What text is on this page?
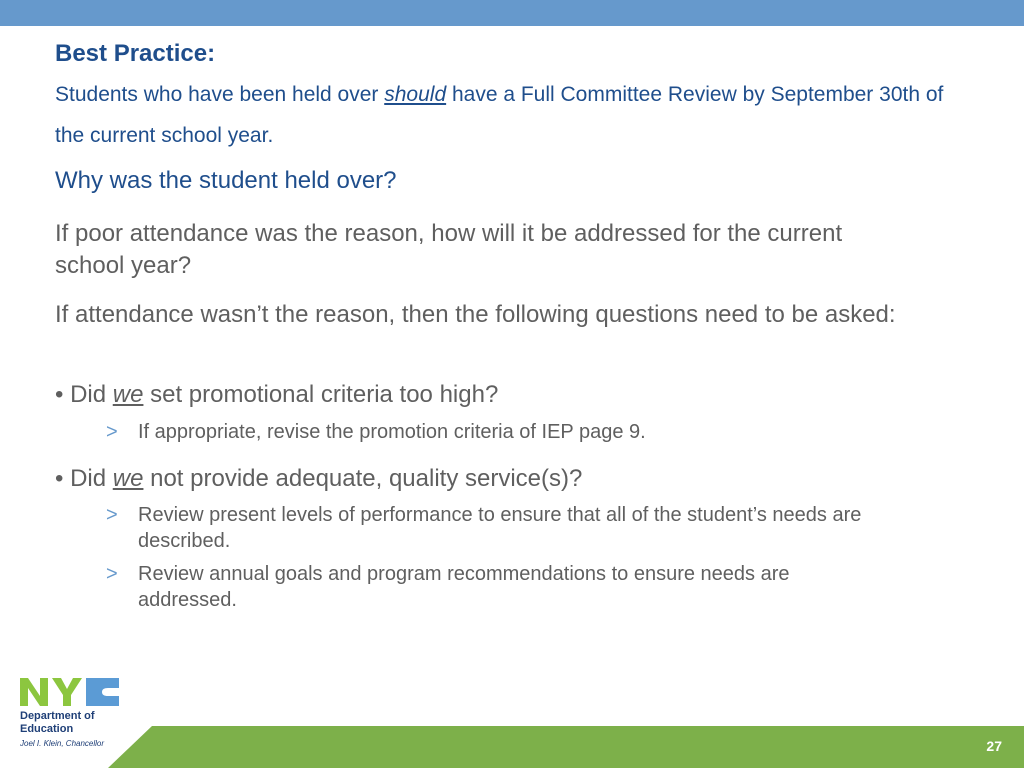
Best Practice:
Students who have been held over should have a Full Committee Review by September 30th of the current school year.
Why was the student held over?
If poor attendance was the reason, how will it be addressed for the current school year?
If attendance wasn’t the reason, then the following questions need to be asked:
• Did we set promotional criteria too high?
> If appropriate, revise the promotion criteria of IEP page 9.
• Did we not provide adequate, quality service(s)?
> Review present levels of performance to ensure that all of the student’s needs are described.
> Review annual goals and program recommendations to ensure needs are addressed.
27
Department of
Education
Joel I. Klein, Chancellor
